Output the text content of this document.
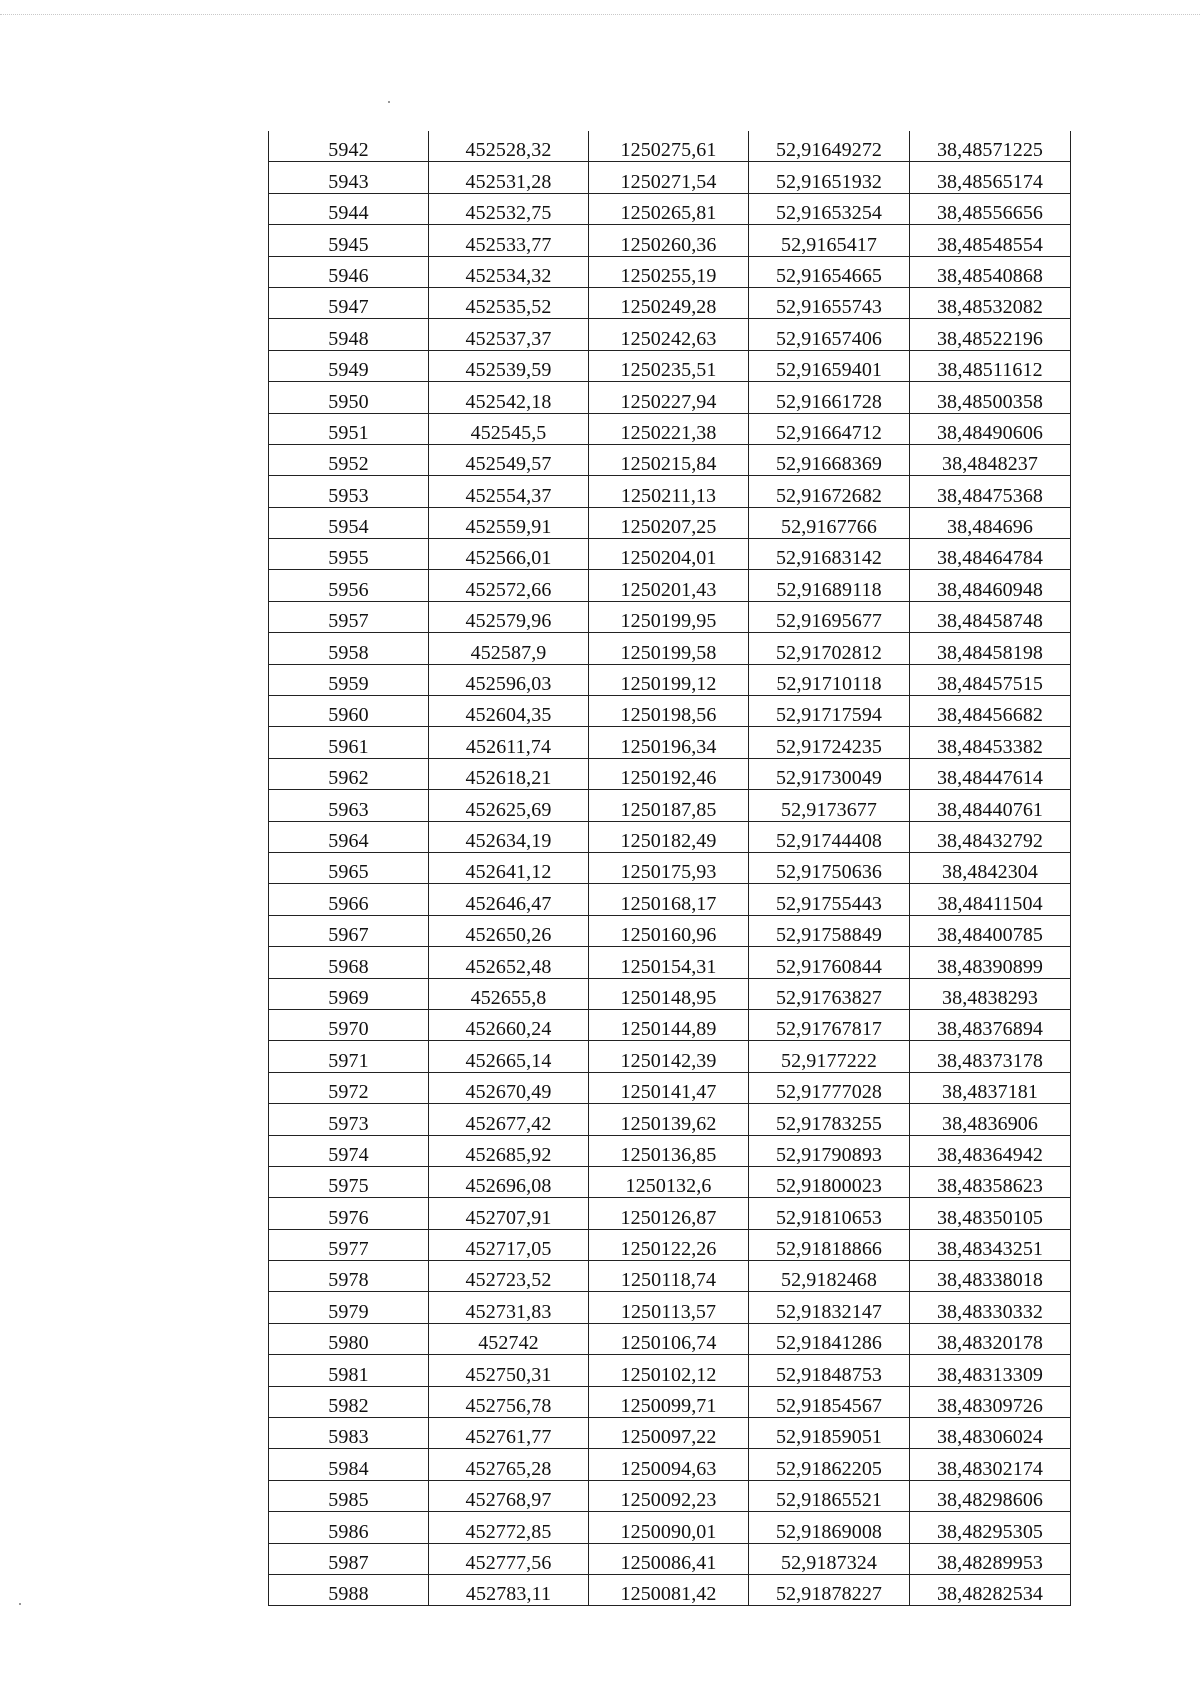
5942	452528,32	1250275,61	52,91649272	38,48571225
5943	452531,28	1250271,54	52,91651932	38,48565174
5944	452532,75	1250265,81	52,91653254	38,48556656
5945	452533,77	1250260,36	52,9165417	38,48548554
5946	452534,32	1250255,19	52,91654665	38,48540868
5947	452535,52	1250249,28	52,91655743	38,48532082
5948	452537,37	1250242,63	52,91657406	38,48522196
5949	452539,59	1250235,51	52,91659401	38,48511612
5950	452542,18	1250227,94	52,91661728	38,48500358
5951	452545,5	1250221,38	52,91664712	38,48490606
5952	452549,57	1250215,84	52,91668369	38,4848237
5953	452554,37	1250211,13	52,91672682	38,48475368
5954	452559,91	1250207,25	52,9167766	38,484696
5955	452566,01	1250204,01	52,91683142	38,48464784
5956	452572,66	1250201,43	52,91689118	38,48460948
5957	452579,96	1250199,95	52,91695677	38,48458748
5958	452587,9	1250199,58	52,91702812	38,48458198
5959	452596,03	1250199,12	52,91710118	38,48457515
5960	452604,35	1250198,56	52,91717594	38,48456682
5961	452611,74	1250196,34	52,91724235	38,48453382
5962	452618,21	1250192,46	52,91730049	38,48447614
5963	452625,69	1250187,85	52,9173677	38,48440761
5964	452634,19	1250182,49	52,91744408	38,48432792
5965	452641,12	1250175,93	52,91750636	38,4842304
5966	452646,47	1250168,17	52,91755443	38,48411504
5967	452650,26	1250160,96	52,91758849	38,48400785
5968	452652,48	1250154,31	52,91760844	38,48390899
5969	452655,8	1250148,95	52,91763827	38,4838293
5970	452660,24	1250144,89	52,91767817	38,48376894
5971	452665,14	1250142,39	52,9177222	38,48373178
5972	452670,49	1250141,47	52,91777028	38,4837181
5973	452677,42	1250139,62	52,91783255	38,4836906
5974	452685,92	1250136,85	52,91790893	38,48364942
5975	452696,08	1250132,6	52,91800023	38,48358623
5976	452707,91	1250126,87	52,91810653	38,48350105
5977	452717,05	1250122,26	52,91818866	38,48343251
5978	452723,52	1250118,74	52,9182468	38,48338018
5979	452731,83	1250113,57	52,91832147	38,48330332
5980	452742	1250106,74	52,91841286	38,48320178
5981	452750,31	1250102,12	52,91848753	38,48313309
5982	452756,78	1250099,71	52,91854567	38,48309726
5983	452761,77	1250097,22	52,91859051	38,48306024
5984	452765,28	1250094,63	52,91862205	38,48302174
5985	452768,97	1250092,23	52,91865521	38,48298606
5986	452772,85	1250090,01	52,91869008	38,48295305
5987	452777,56	1250086,41	52,9187324	38,48289953
5988	452783,11	1250081,42	52,91878227	38,48282534
